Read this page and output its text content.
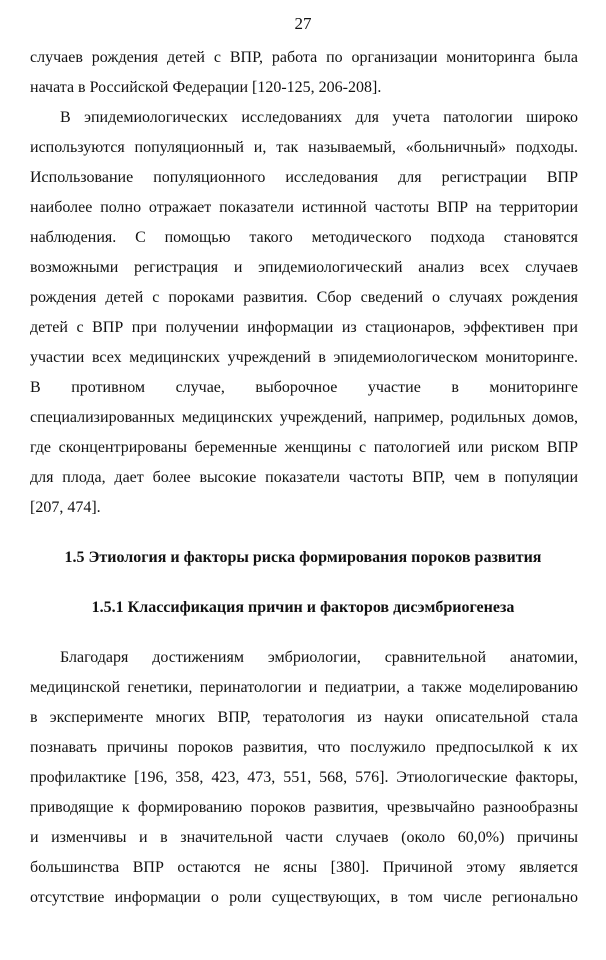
27
случаев рождения детей с ВПР, работа по организации мониторинга была
начата в Российской Федерации [120-125, 206-208].
В эпидемиологических исследованиях для учета патологии широко
используются популяционный и, так называемый, «больничный» подходы.
Использование популяционного исследования для регистрации ВПР
наиболее полно отражает показатели истинной частоты ВПР на территории
наблюдения. С помощью такого методического подхода становятся
возможными регистрация и эпидемиологический анализ всех случаев
рождения детей с пороками развития. Сбор сведений о случаях рождения
детей с ВПР при получении информации из стационаров, эффективен при
участии всех медицинских учреждений в эпидемиологическом мониторинге.
В противном случае, выборочное участие в мониторинге
специализированных медицинских учреждений, например, родильных домов,
где сконцентрированы беременные женщины с патологией или риском ВПР
для плода, дает более высокие показатели частоты ВПР, чем в популяции
[207, 474].
1.5 Этиология и факторы риска формирования пороков развития
1.5.1 Классификация причин и факторов дисэмбриогенеза
Благодаря достижениям эмбриологии, сравнительной анатомии,
медицинской генетики, перинатологии и педиатрии, а также моделированию
в эксперименте многих ВПР, тератология из науки описательной стала
познавать причины пороков развития, что послужило предпосылкой к их
профилактике [196, 358, 423, 473, 551, 568, 576]. Этиологические факторы,
приводящие к формированию пороков развития, чрезвычайно разнообразны
и изменчивы и в значительной части случаев (около 60,0%) причины
большинства ВПР остаются не ясны [380]. Причиной этому является
отсутствие информации о роли существующих, в том числе регионально
